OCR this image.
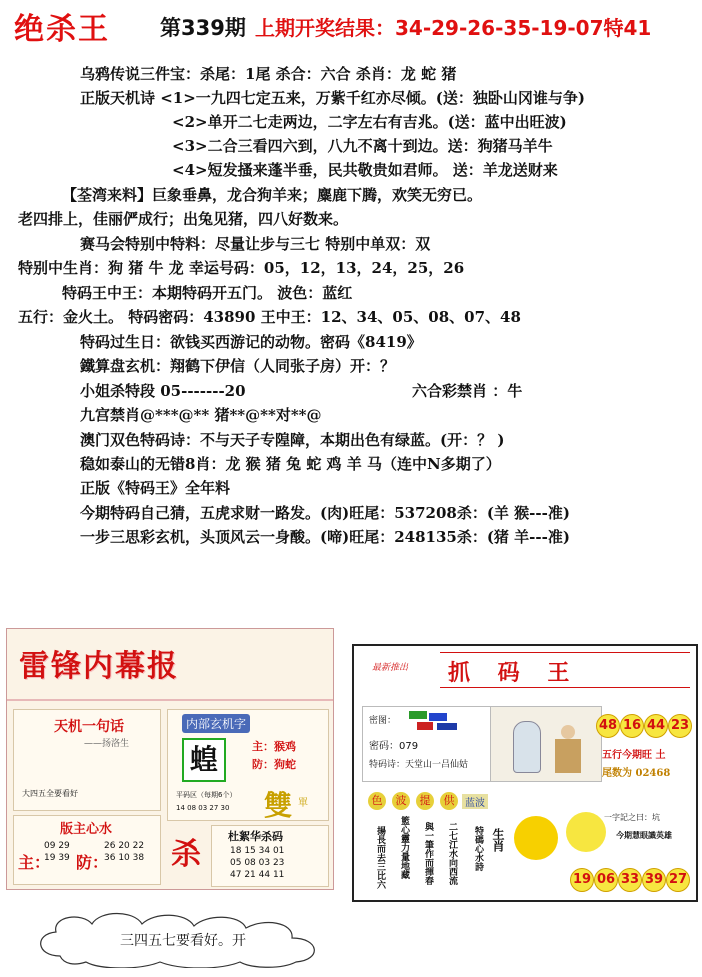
绝杀王 第339期 上期开奖结果：34-29-26-35-19-07特41
乌鸦传说三件宝：杀尾：1尾 杀合：六合 杀肖：龙 蛇 猪
正版天机诗 <1>一九四七定五来，万紫千红亦尽倾。(送：独卧山冈谁与争)
<2>单开二七走两边，二字左右有吉兆。(送：蓝中出旺波)
<3>二合三看四六到，八九不离十到边。送：狗猪马羊牛
<4>短发搔来蓬半垂，民共敬贵如君师。 送：羊龙送财来
【荃湾来料】巨象垂鼻，龙合狗羊来；麋鹿下腾，欢笑无穷已。
老四排上，佳丽俨成行；出兔见猪，四八好数来。
赛马会特别中特料：尽量让步与三七 特别中单双：双
特别中生肖：狗 猪 牛 龙 幸运号码：05，12，13，24，25，26
特码王中王：本期特码开五门。 波色：蓝红
五行：金火土。 特码密码：43890 王中王：12、34、05、08、07、48
特码过生日：欲钱买西游记的动物。密码《8419》
鐵算盘玄机：翔鹤下伊信（人同张子房）开：？
小姐杀特段 05-------20	六合彩禁肖 ：牛
九宫禁肖@***@** 猪**@**对**@
澳门双色特码诗：不与天子专隍障，本期出色有绿蓝。(开：？ )
稳如泰山的无错8肖：龙 猴 猪 兔 蛇 鸡 羊 马（连中N多期了）
正版《特码王》全年料
今期特码自己猜，五虎求财一路发。(肉)旺尾：537208杀：(羊 猴---准)
一步三思彩玄机，头顶风云一身酸。(啼)旺尾：248135杀：(猪 羊---准)
雷锋内幕报
天机一句话
——扬洛生
大四五全要看好
版主心水
主：
09 29
19 39 防：
26 20 22
36 10 38
内部玄机字
蝗	主：猴鸡
防：狗蛇
平码区（每期6个）
14 08 03 27 30 雙 單
杀
杜絮华杀码
18 15 34 01
05 08 03 23
47 21 44 11
最新推出 抓 码 王
密图：
密码：079
特码诗：天堂山一吕仙姑
48 16 44 23
五行今期旺 土
尾数为 02468
色	波	提	供	蓝波
揚長而去三比六 籃心靈力量地藏 與一筆作而揮春 二七江水向西流 特碼心水詩 生肖
一字記之曰：坑
今期慧眼識英雄
19 06 33 39 27
三四五七要看好。开
